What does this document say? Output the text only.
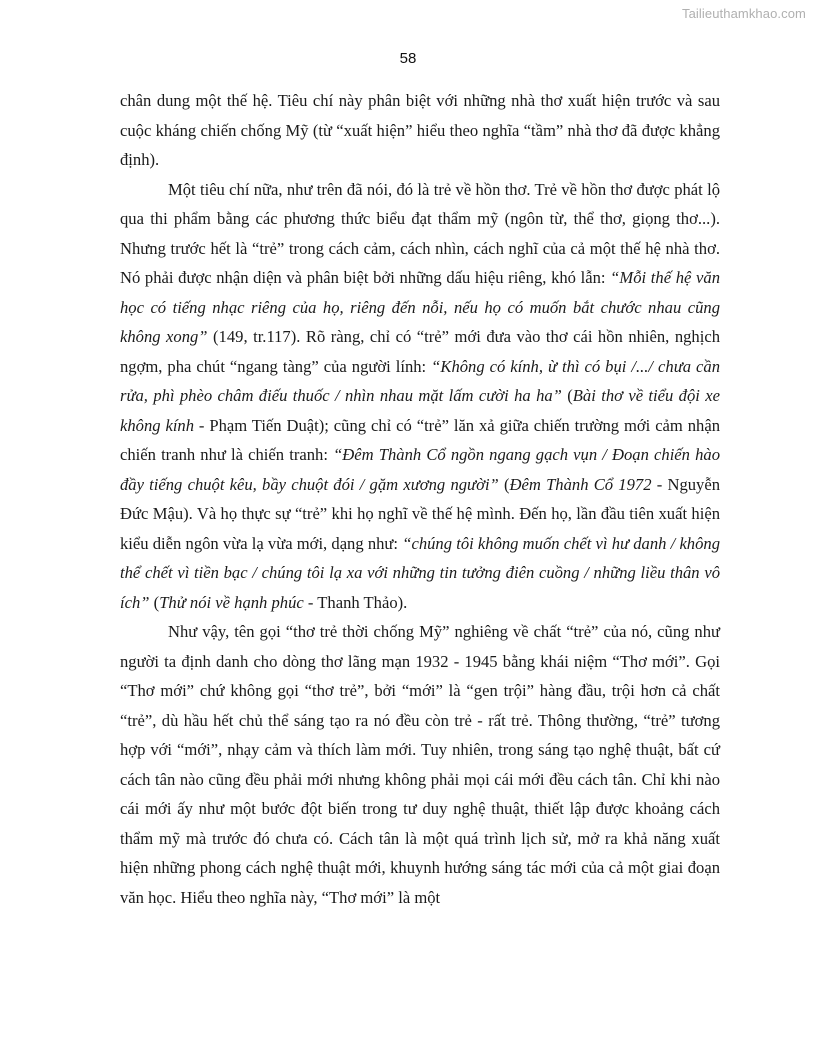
Tailieuthamkhao.com
58

chân dung một thế hệ. Tiêu chí này phân biệt với những nhà thơ xuất hiện trước và sau cuộc kháng chiến chống Mỹ (từ “xuất hiện” hiểu theo nghĩa “tầm” nhà thơ đã được khẳng định).

Một tiêu chí nữa, như trên đã nói, đó là trẻ về hồn thơ. Trẻ về hồn thơ được phát lộ qua thi phẩm bằng các phương thức biểu đạt thẩm mỹ (ngôn từ, thể thơ, giọng thơ...). Nhưng trước hết là “trẻ” trong cách cảm, cách nhìn, cách nghĩ của cả một thế hệ nhà thơ. Nó phải được nhận diện và phân biệt bởi những dấu hiệu riêng, khó lẫn: “Mỗi thế hệ văn học có tiếng nhạc riêng của họ, riêng đến nỗi, nếu họ có muốn bắt chước nhau cũng không xong” (149, tr.117). Rõ ràng, chỉ có “trẻ” mới đưa vào thơ cái hồn nhiên, nghịch ngợm, pha chút “ngang tàng” của người lính: “Không có kính, ừ thì có bụi /.../ chưa cần rửa, phì phèo châm điếu thuốc / nhìn nhau mặt lấm cười ha ha” (Bài thơ về tiểu đội xe không kính - Phạm Tiến Duật); cũng chỉ có “trẻ” lăn xả giữa chiến trường mới cảm nhận chiến tranh như là chiến tranh: “Đêm Thành Cổ ngồn ngang gạch vụn / Đoạn chiến hào đầy tiếng chuột kêu, bầy chuột đói / gặm xương người” (Đêm Thành Cổ 1972 - Nguyễn Đức Mậu). Và họ thực sự “trẻ” khi họ nghĩ về thế hệ mình. Đến họ, lần đầu tiên xuất hiện kiểu diễn ngôn vừa lạ vừa mới, dạng như: “chúng tôi không muốn chết vì hư danh / không thể chết vì tiền bạc / chúng tôi lạ xa với những tin tưởng điên cuồng / những liều thân vô ích” (Thử nói về hạnh phúc - Thanh Thảo).

Như vậy, tên gọi “thơ trẻ thời chống Mỹ” nghiêng về chất “trẻ” của nó, cũng như người ta định danh cho dòng thơ lãng mạn 1932 - 1945 bằng khái niệm “Thơ mới”. Gọi “Thơ mới” chứ không gọi “thơ trẻ”, bởi “mới” là “gen trội” hàng đầu, trội hơn cả chất “trẻ”, dù hầu hết chủ thể sáng tạo ra nó đều còn trẻ - rất trẻ. Thông thường, “trẻ” tương hợp với “mới”, nhạy cảm và thích làm mới. Tuy nhiên, trong sáng tạo nghệ thuật, bất cứ cách tân nào cũng đều phải mới nhưng không phải mọi cái mới đều cách tân. Chỉ khi nào cái mới ấy như một bước đột biến trong tư duy nghệ thuật, thiết lập được khoảng cách thẩm mỹ mà trước đó chưa có. Cách tân là một quá trình lịch sử, mở ra khả năng xuất hiện những phong cách nghệ thuật mới, khuynh hướng sáng tác mới của cả một giai đoạn văn học. Hiểu theo nghĩa này, “Thơ mới” là một
